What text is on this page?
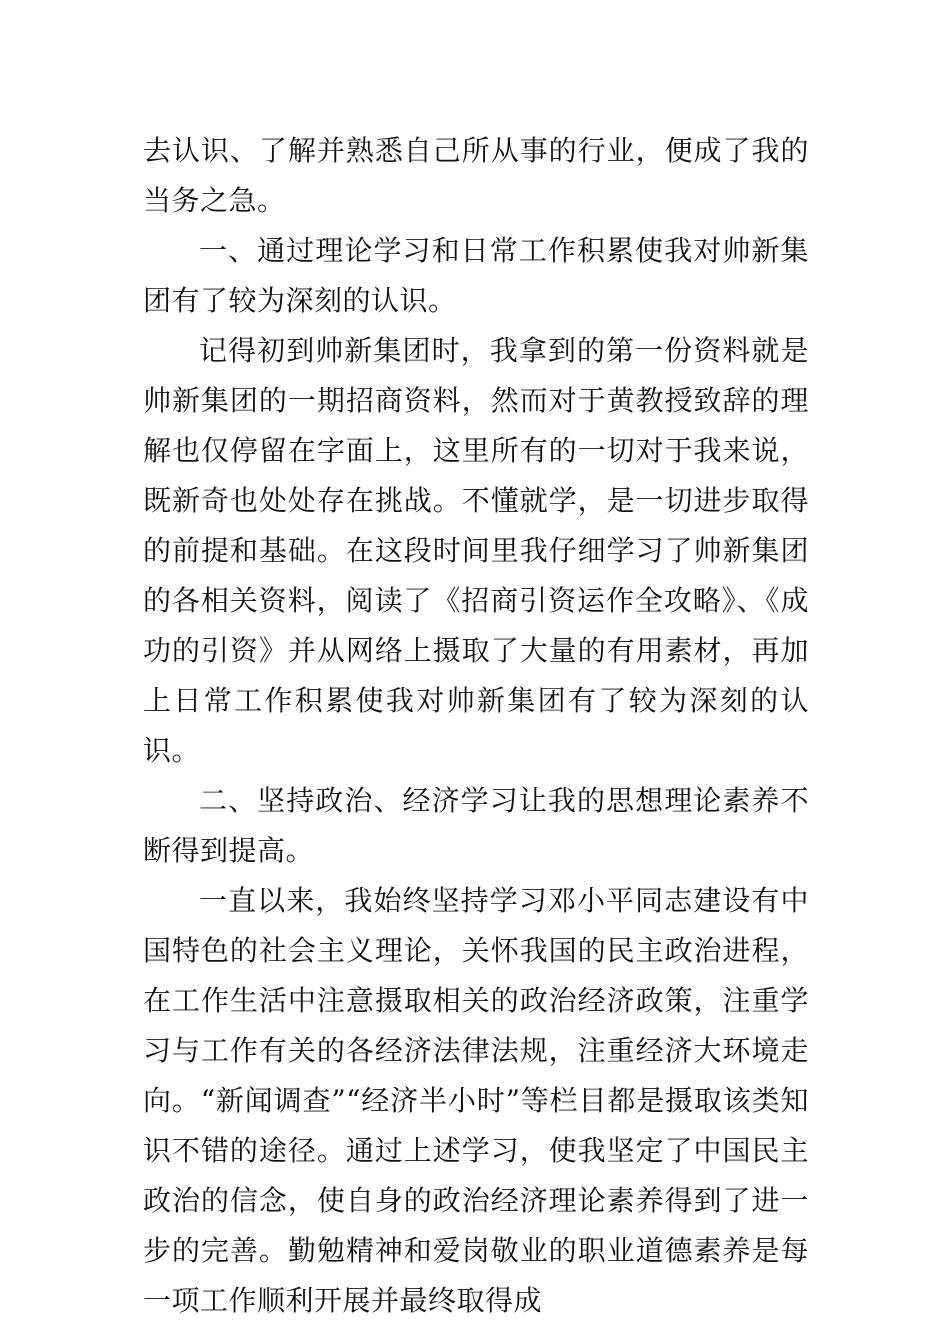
去认识、了解并熟悉自己所从事的行业，便成了我的当务之急。

一、通过理论学习和日常工作积累使我对帅新集团有了较为深刻的认识。

记得初到帅新集团时，我拿到的第一份资料就是帅新集团的一期招商资料，然而对于黄教授致辞的理解也仅停留在字面上，这里所有的一切对于我来说，既新奇也处处存在挑战。不懂就学，是一切进步取得的前提和基础。在这段时间里我仔细学习了帅新集团的各相关资料，阅读了《招商引资运作全攻略》、《成功的引资》并从网络上摄取了大量的有用素材，再加上日常工作积累使我对帅新集团有了较为深刻的认识。

二、坚持政治、经济学习让我的思想理论素养不断得到提高。

一直以来，我始终坚持学习邓小平同志建设有中国特色的社会主义理论，关怀我国的民主政治进程，在工作生活中注意摄取相关的政治经济政策，注重学习与工作有关的各经济法律法规，注重经济大环境走向。“新闻调查”“经济半小时”等栏目都是摄取该类知识不错的途径。通过上述学习，使我坚定了中国民主政治的信念，使自身的政治经济理论素养得到了进一步的完善。勤勉精神和爱岗敬业的职业道德素养是每一项工作顺利开展并最终取得成
